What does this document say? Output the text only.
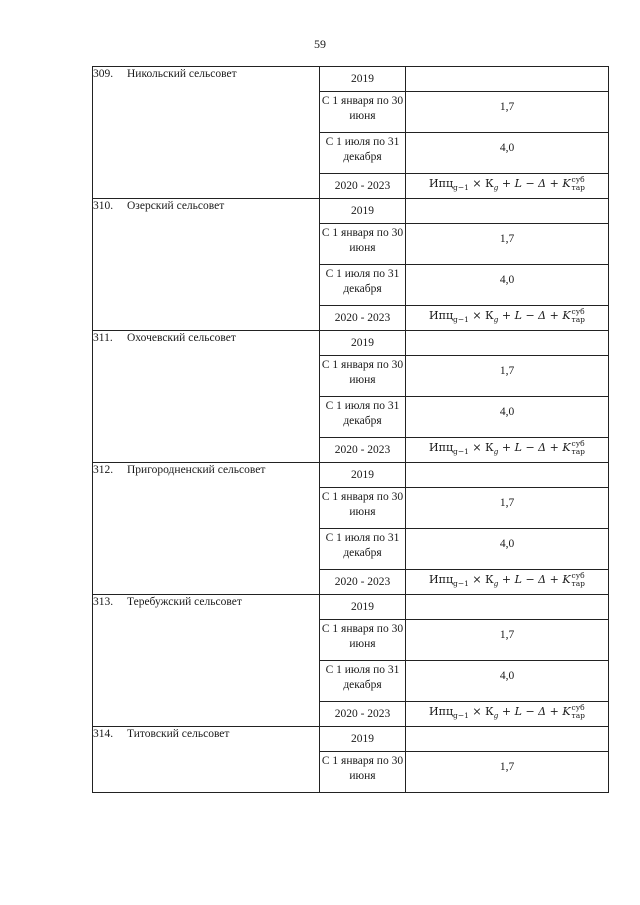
59
309. Никольский сельсовет	2019	
	С 1 января по 30 июня	1,7
	С 1 июля по 31 декабря	4,0
	2020 - 2023	$Ипц_{g-1} \times К_g + L - \Delta + K$ суб
тар

310. Озерский сельсовет	2019	
	С 1 января по 30 июня	1,7
	С 1 июля по 31 декабря	4,0
	2020 - 2023	$Ипц_{g-1} \times К_g + L - \Delta + K$ суб
тар

311. Охочевский сельсовет	2019	
	С 1 января по 30 июня	1,7
	С 1 июля по 31 декабря	4,0
	2020 - 2023	$Ипц_{g-1} \times К_g + L - \Delta + K$ суб
тар

312. Пригородненский сельсовет	2019	
	С 1 января по 30 июня	1,7
	С 1 июля по 31 декабря	4,0
	2020 - 2023	$Ипц_{g-1} \times К_g + L - \Delta + K$ суб
тар

313. Теребужский сельсовет	2019	
	С 1 января по 30 июня	1,7
	С 1 июля по 31 декабря	4,0
	2020 - 2023	$Ипц_{g-1} \times К_g + L - \Delta + K$ суб
тар

314. Титовский сельсовет	2019	
	С 1 января по 30 июня	1,7
